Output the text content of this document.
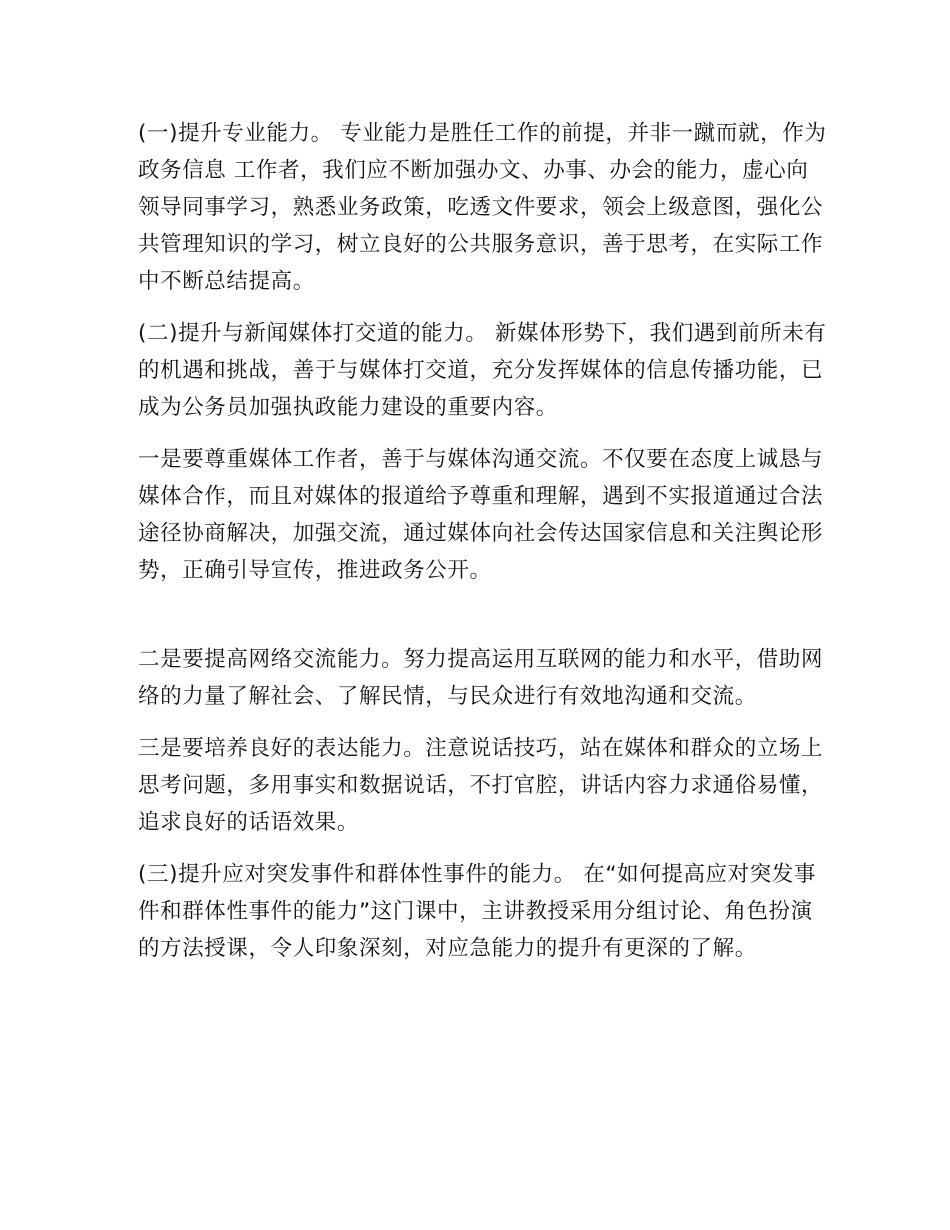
(一)提升专业能力。 专业能力是胜任工作的前提，并非一蹴而就，作为政务信息 工作者，我们应不断加强办文、办事、办会的能力，虚心向领导同事学习，熟悉业务政策，吃透文件要求，领会上级意图，强化公共管理知识的学习，树立良好的公共服务意识，善于思考，在实际工作中不断总结提高。

(二)提升与新闻媒体打交道的能力。 新媒体形势下，我们遇到前所未有的机遇和挑战，善于与媒体打交道，充分发挥媒体的信息传播功能，已成为公务员加强执政能力建设的重要内容。

一是要尊重媒体工作者，善于与媒体沟通交流。不仅要在态度上诚恳与媒体合作，而且对媒体的报道给予尊重和理解，遇到不实报道通过合法途径协商解决，加强交流，通过媒体向社会传达国家信息和关注舆论形势，正确引导宣传，推进政务公开。

二是要提高网络交流能力。努力提高运用互联网的能力和水平，借助网络的力量了解社会、了解民情，与民众进行有效地沟通和交流。

三是要培养良好的表达能力。注意说话技巧，站在媒体和群众的立场上思考问题，多用事实和数据说话，不打官腔，讲话内容力求通俗易懂，追求良好的话语效果。

(三)提升应对突发事件和群体性事件的能力。 在“如何提高应对突发事件和群体性事件的能力”这门课中，主讲教授采用分组讨论、角色扮演的方法授课，令人印象深刻，对应急能力的提升有更深的了解。
